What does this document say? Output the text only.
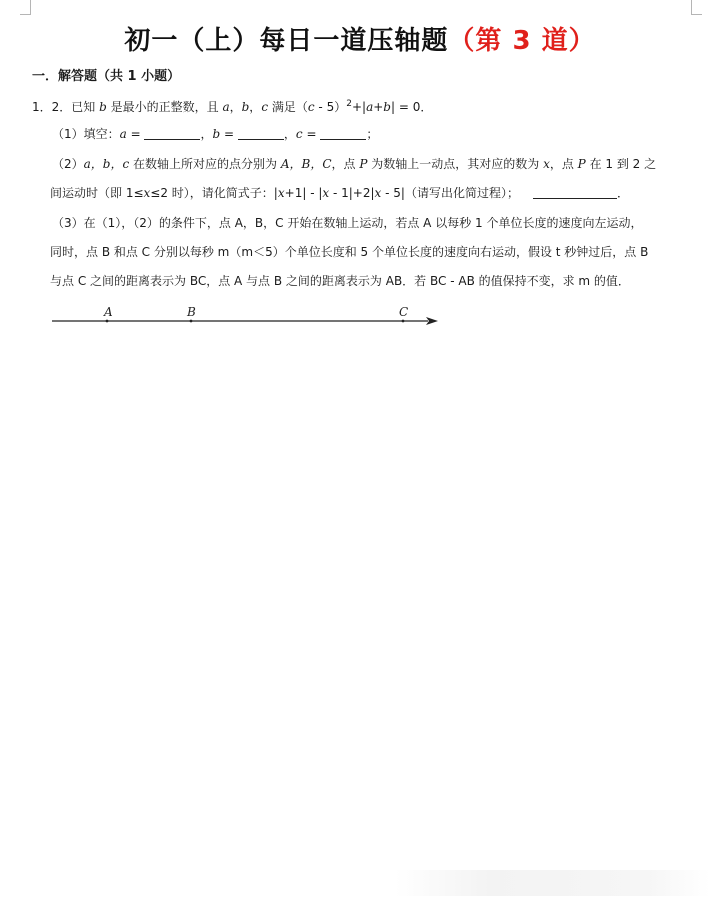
初一（上）每日一道压轴题（第 3 道）
一．解答题（共 1 小题）
1．2．已知 b 是最小的正整数，且 a，b，c 满足（c - 5）$^2$+|a+b| = 0．
（1）填空：a =	，b =	，c =	；
（2）a，b，c 在数轴上所对应的点分别为 A，B，C，点 P 为数轴上一动点，其对应的数为 x，点 P 在 1 到 2 之
间运动时（即 1≤x≤2 时），请化简式子：|x+1| - |x - 1|+2|x - 5|（请写出化简过程）；	．
（3）在（1），（2）的条件下，点 A，B，C 开始在数轴上运动，若点 A 以每秒 1 个单位长度的速度向左运动，
同时，点 B 和点 C 分别以每秒 m（m＜5）个单位长度和 5 个单位长度的速度向右运动，假设 t 秒钟过后，点 B
与点 C 之间的距离表示为 BC，点 A 与点 B 之间的距离表示为 AB．若 BC - AB 的值保持不变，求 m 的值．
A	B	C
